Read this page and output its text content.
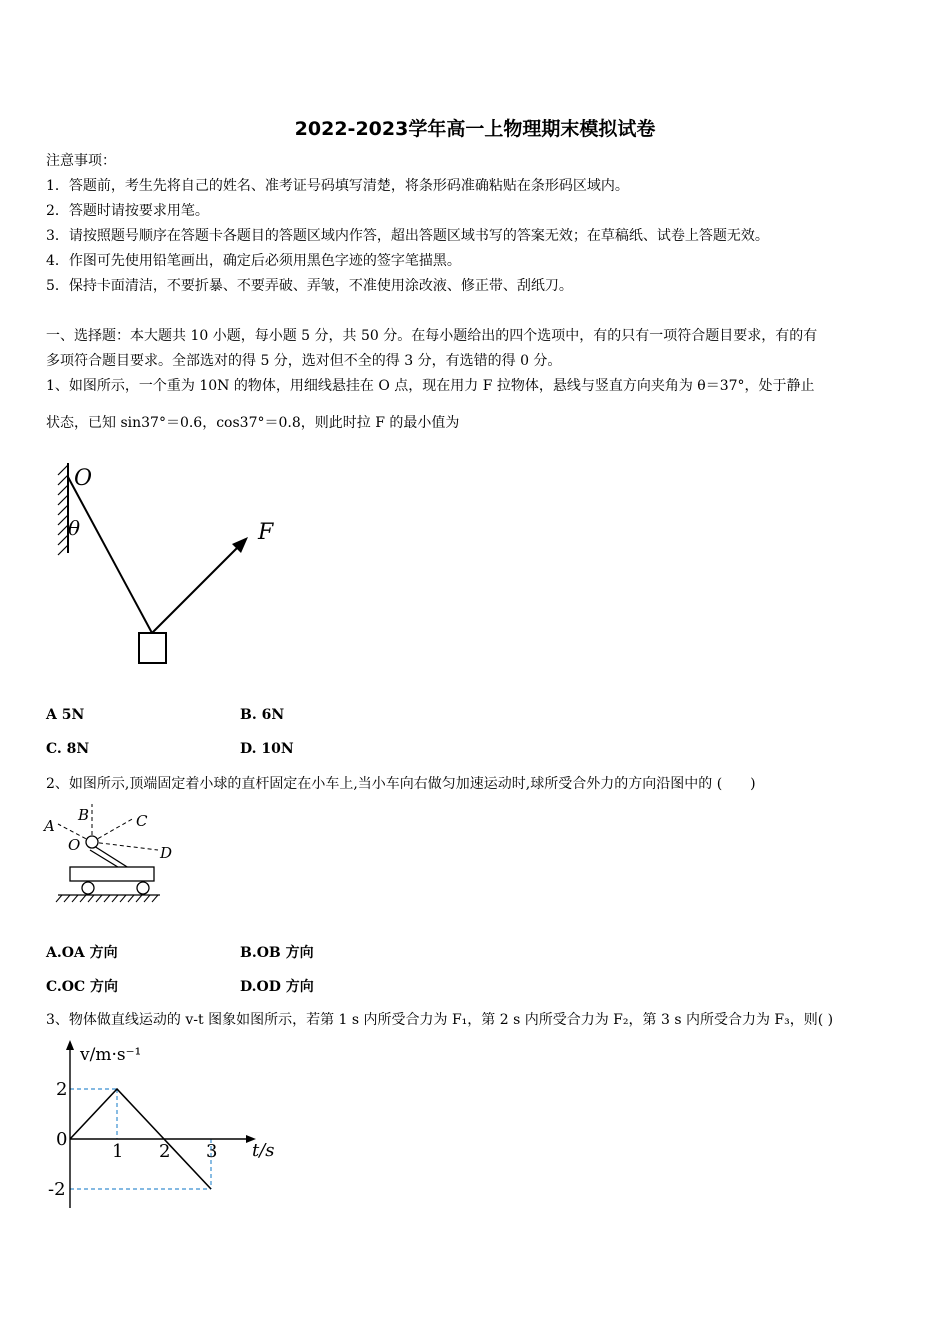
2022-2023学年高一上物理期末模拟试卷
注意事项：
1．答题前，考生先将自己的姓名、准考证号码填写清楚，将条形码准确粘贴在条形码区域内。
2．答题时请按要求用笔。
3．请按照题号顺序在答题卡各题目的答题区域内作答，超出答题区域书写的答案无效；在草稿纸、试卷上答题无效。
4．作图可先使用铅笔画出，确定后必须用黑色字迹的签字笔描黑。
5．保持卡面清洁，不要折暴、不要弄破、弄皱，不准使用涂改液、修正带、刮纸刀。
一、选择题：本大题共 10 小题，每小题 5 分，共 50 分。在每小题给出的四个选项中，有的只有一项符合题目要求，有的有
多项符合题目要求。全部选对的得 5 分，选对但不全的得 3 分，有选错的得 0 分。
1、如图所示，一个重为 10N 的物体，用细线悬挂在 O 点，现在用力 F 拉物体，悬线与竖直方向夹角为 θ＝37°，处于静止
状态，已知 sin37°＝0.6，cos37°＝0.8，则此时拉 F 的最小值为
O
θ	F
A 5N	B. 6N
C. 8N	D. 10N
2、如图所示,顶端固定着小球的直杆固定在小车上,当小车向右做匀加速运动时,球所受合外力的方向沿图中的 (　　)
A
B	C
O	D
A.OA 方向	B.OB 方向
C.OC 方向	D.OD 方向
3、物体做直线运动的 v-t 图象如图所示，若第 1 s 内所受合力为 F₁，第 2 s 内所受合力为 F₂，第 3 s 内所受合力为 F₃，则( )
1 2 3
2
0
-2
v/m·s⁻¹
t/s
